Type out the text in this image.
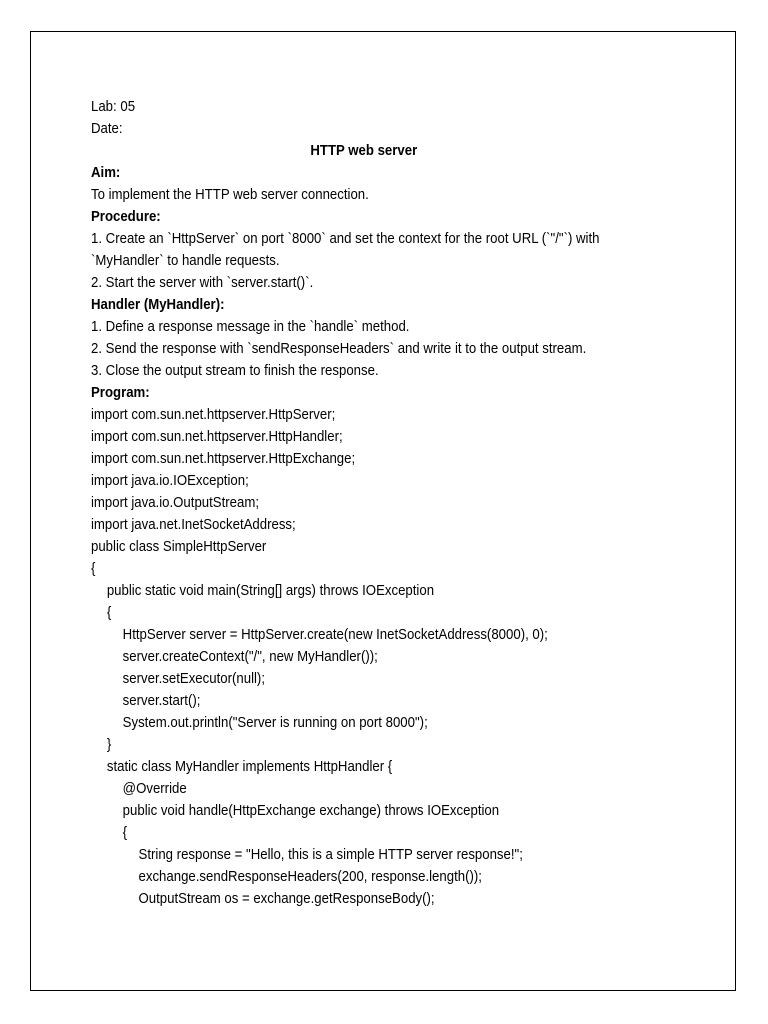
Lab: 05
Date:
HTTP web server
Aim:
To implement the HTTP web server connection.
Procedure:
1. Create an `HttpServer` on port `8000` and set the context for the root URL (`"/"`) with
`MyHandler` to handle requests.
2. Start the server with `server.start()`.
Handler (MyHandler):
1. Define a response message in the `handle` method.
2. Send the response with `sendResponseHeaders` and write it to the output stream.
3. Close the output stream to finish the response.
Program:
import com.sun.net.httpserver.HttpServer;
import com.sun.net.httpserver.HttpHandler;
import com.sun.net.httpserver.HttpExchange;
import java.io.IOException;
import java.io.OutputStream;
import java.net.InetSocketAddress;
public class SimpleHttpServer
{
public static void main(String[] args) throws IOException
{
HttpServer server = HttpServer.create(new InetSocketAddress(8000), 0);
server.createContext("/", new MyHandler());
server.setExecutor(null);
server.start();
System.out.println("Server is running on port 8000");
}
static class MyHandler implements HttpHandler {
@Override
public void handle(HttpExchange exchange) throws IOException
{
String response = "Hello, this is a simple HTTP server response!";
exchange.sendResponseHeaders(200, response.length());
OutputStream os = exchange.getResponseBody();
